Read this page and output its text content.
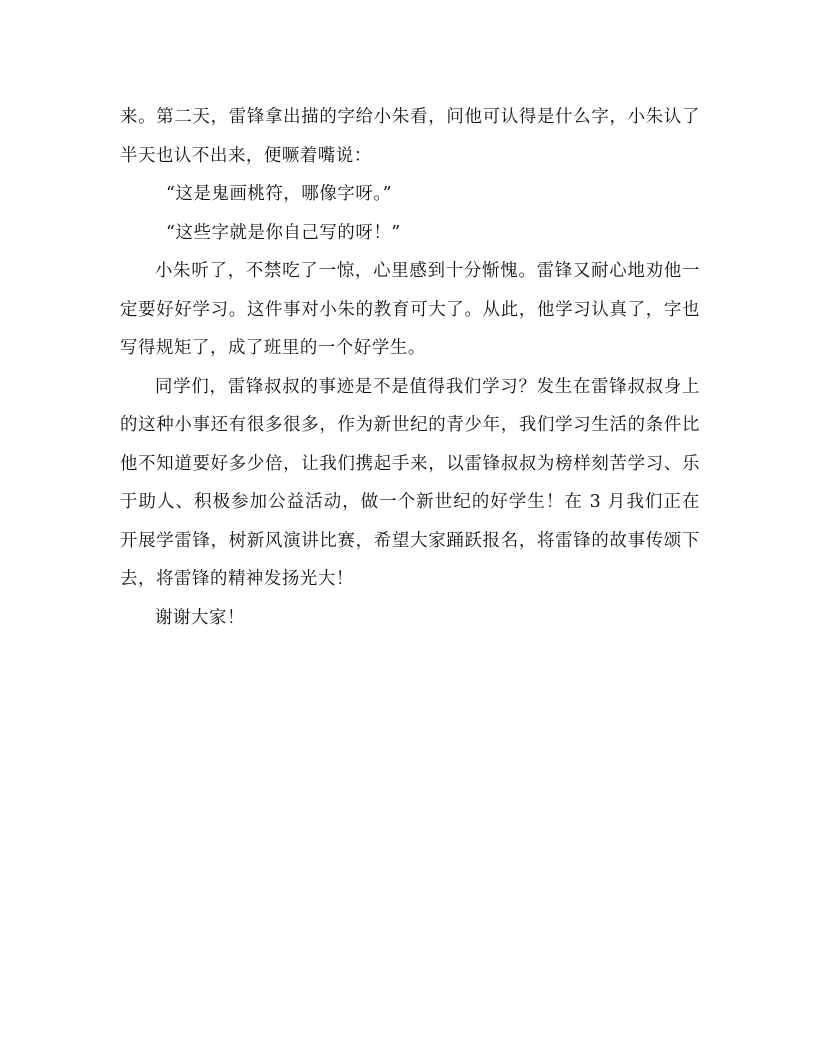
来。第二天，雷锋拿出描的字给小朱看，问他可认得是什么字，小朱认了半天也认不出来，便噘着嘴说：

“这是鬼画桃符，哪像字呀。”

“这些字就是你自己写的呀！”

小朱听了，不禁吃了一惊，心里感到十分惭愧。雷锋又耐心地劝他一定要好好学习。这件事对小朱的教育可大了。从此，他学习认真了，字也写得规矩了，成了班里的一个好学生。

同学们，雷锋叔叔的事迹是不是值得我们学习？发生在雷锋叔叔身上的这种小事还有很多很多，作为新世纪的青少年，我们学习生活的条件比他不知道要好多少倍，让我们携起手来，以雷锋叔叔为榜样刻苦学习、乐于助人、积极参加公益活动，做一个新世纪的好学生！在 3 月我们正在开展学雷锋，树新风演讲比赛，希望大家踊跃报名，将雷锋的故事传颂下去，将雷锋的精神发扬光大！

谢谢大家！
